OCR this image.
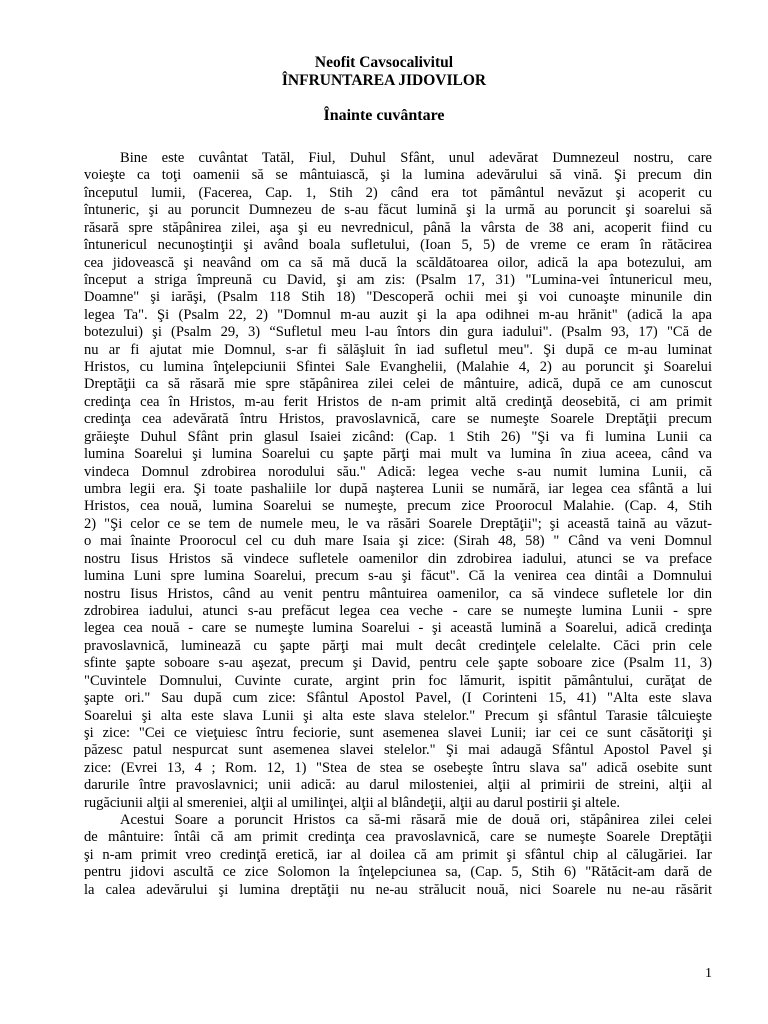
Neofit Cavsocalivitul
ÎNFRUNTAREA JIDOVILOR
Înainte cuvântare
Bine este cuvântat Tatăl, Fiul, Duhul Sfânt, unul adevărat Dumnezeul nostru, care
voieşte ca toţi oamenii să se mântuiască, şi la lumina adevărului să vină. Şi precum din
începutul lumii, (Facerea, Cap. 1, Stih 2) când era tot pământul nevăzut şi acoperit cu
întuneric, şi au poruncit Dumnezeu de s-au făcut lumină şi la urmă au poruncit şi soarelui să
răsară spre stăpânirea zilei, aşa şi eu nevrednicul, până la vârsta de 38 ani, acoperit fiind cu
întunericul necunoştinţii şi având boala sufletului, (Ioan 5, 5) de vreme ce eram în rătăcirea
cea jidovească şi neavând om ca să mă ducă la scăldătoarea oilor, adică la apa botezului, am
început a striga împreună cu David, şi am zis: (Psalm 17, 31) "Lumina-vei întunericul meu,
Doamne" şi iarăşi, (Psalm 118 Stih 18) "Descoperă ochii mei şi voi cunoaşte minunile din
legea Ta". Şi (Psalm 22, 2) "Domnul m-au auzit şi la apa odihnei m-au hrănit" (adică la apa
botezului) şi (Psalm 29, 3) “Sufletul meu l-au întors din gura iadului". (Psalm 93, 17) "Că de
nu ar fi ajutat mie Domnul, s-ar fi sălăşluit în iad sufletul meu". Şi după ce m-au luminat
Hristos, cu lumina înţelepciunii Sfintei Sale Evanghelii, (Malahie 4, 2) au poruncit şi Soarelui
Dreptăţii ca să răsară mie spre stăpânirea zilei celei de mântuire, adică, după ce am cunoscut
credinţa cea în Hristos, m-au ferit Hristos de n-am primit altă credinţă deosebită, ci am primit
credinţa cea adevărată întru Hristos, pravoslavnică, care se numeşte Soarele Dreptăţii precum
grăieşte Duhul Sfânt prin glasul Isaiei zicând: (Cap. 1 Stih 26) "Şi va fi lumina Lunii ca
lumina Soarelui şi lumina Soarelui cu şapte părţi mai mult va lumina în ziua aceea, când va
vindeca Domnul zdrobirea norodului său." Adică: legea veche s-au numit lumina Lunii, că
umbra legii era. Şi toate pashaliile lor după naşterea Lunii se numără, iar legea cea sfântă a lui
Hristos, cea nouă, lumina Soarelui se numeşte, precum zice Proorocul Malahie. (Cap. 4, Stih
2) "Şi celor ce se tem de numele meu, le va răsări Soarele Dreptăţii"; şi această taină au văzut-
o mai înainte Proorocul cel cu duh mare Isaia şi zice: (Sirah 48, 58) " Când va veni Domnul
nostru Iisus Hristos să vindece sufletele oamenilor din zdrobirea iadului, atunci se va preface
lumina Luni spre lumina Soarelui, precum s-au şi făcut". Că la venirea cea dintâi a Domnului
nostru Iisus Hristos, când au venit pentru mântuirea oamenilor, ca să vindece sufletele lor din
zdrobirea iadului, atunci s-au prefăcut legea cea veche - care se numeşte lumina Lunii - spre
legea cea nouă - care se numeşte lumina Soarelui - şi această lumină a Soarelui, adică credinţa
pravoslavnică, luminează cu şapte părţi mai mult decât credinţele celelalte. Căci prin cele
sfinte şapte soboare s-au aşezat, precum şi David, pentru cele şapte soboare zice (Psalm 11, 3)
"Cuvintele Domnului, Cuvinte curate, argint prin foc lămurit, ispitit pământului, curăţat de
şapte ori." Sau după cum zice: Sfântul Apostol Pavel, (I Corinteni 15, 41) "Alta este slava
Soarelui şi alta este slava Lunii şi alta este slava stelelor." Precum şi sfântul Tarasie tâlcuieşte
şi zice: "Cei ce vieţuiesc întru feciorie, sunt asemenea slavei Lunii; iar cei ce sunt căsătoriţi şi
păzesc patul nespurcat sunt asemenea slavei stelelor." Şi mai adaugă Sfântul Apostol Pavel şi
zice: (Evrei 13, 4 ; Rom. 12, 1) "Stea de stea se osebeşte întru slava sa" adică osebite sunt
darurile între pravoslavnici; unii adică: au darul milosteniei, alţii al primirii de streini, alţii al
rugăciunii alţii al smereniei, alţii al umilinţei, alţii al blândeţii, alţii au darul postirii şi altele.
Acestui Soare a poruncit Hristos ca să-mi răsară mie de două ori, stăpânirea zilei celei
de mântuire: întâi că am primit credinţa cea pravoslavnică, care se numeşte Soarele Dreptăţii
şi n-am primit vreo credinţă eretică, iar al doilea că am primit şi sfântul chip al călugăriei. Iar
pentru jidovi ascultă ce zice Solomon la înţelepciunea sa, (Cap. 5, Stih 6) "Rătăcit-am dară de
la calea adevărului şi lumina dreptăţii nu ne-au strălucit nouă, nici Soarele nu ne-au răsărit
1
